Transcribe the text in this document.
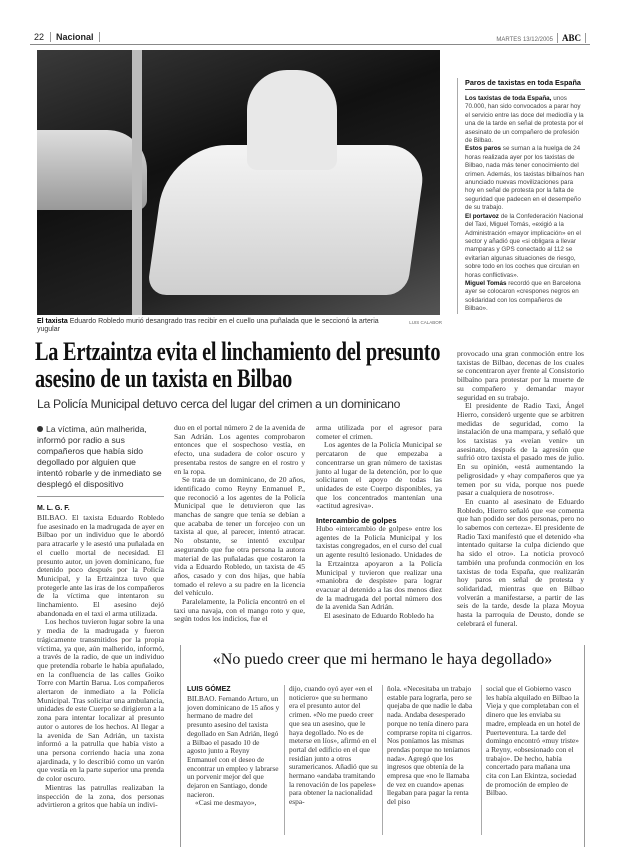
22 Nacional	MARTES 13/12/2005 ABC
El taxista Eduardo Robledo murió desangrado tras recibir en el cuello una puñalada que le seccionó la arteria yugular
LUIS CALABOR
Paros de taxistas en toda España

Los taxistas de toda España, unos 70.000, han sido convocados a parar hoy el servicio entre las doce del mediodía y la una de la tarde en señal de protesta por el asesinato de un compañero de profesión de Bilbao.

Estos paros se suman a la huelga de 24 horas realizada ayer por los taxistas de Bilbao, nada más tener conocimiento del crimen. Además, los taxistas bilbaínos han anunciado nuevas movilizaciones para hoy en señal de protesta por la falta de seguridad que padecen en el desempeño de su trabajo.

El portavoz de la Confederación Nacional del Taxi, Miguel Tomás, «exigió a la Administración «mayor implicación» en el sector y añadió que «si obligara a llevar mamparas y GPS conectado al 112 se evitarían algunas situaciones de riesgo, sobre todo en los coches que circulan en horas conflictivas».

Miguel Tomás recordó que en Barcelona ayer se colocaron «crespones negros en solidaridad con los compañeros de Bilbao».

La Ertzaintza evita el linchamiento del presunto asesino de un taxista en Bilbao
La Policía Municipal detuvo cerca del lugar del crimen a un dominicano
La víctima, aún malherida, informó por radio a sus compañeros que había sido degollado por alguien que intentó robarle y de inmediato se desplegó el dispositivo
M. L. G. F.

BILBAO. El taxista Eduardo Robledo fue asesinado en la madrugada de ayer en Bilbao por un individuo que le abordó para atracarle y le asestó una puñalada en el cuello mortal de necesidad. El presunto autor, un joven dominicano, fue detenido poco después por la Policía Municipal, y la Ertzaintza tuvo que protegerle ante las iras de los compañeros de la víctima que intentaron su linchamiento. El asesino dejó abandonada en el taxi el arma utilizada.

Los hechos tuvieron lugar sobre la una y media de la madrugada y fueron trágicamente transmitidos por la propia víctima, ya que, aún malherido, informó, a través de la radio, de que un individuo que pretendía robarle le había apuñalado, en la confluencia de las calles Goiko Torre con Martín Barua. Los compañeros alertaron de inmediato a la Policía Municipal. Tras solicitar una ambulancia, unidades de este Cuerpo se dirigieron a la zona para intentar localizar al presunto autor o autores de los hechos. Al llegar a la avenida de San Adrián, un taxista informó a la patrulla que había visto a una persona corriendo hacia una zona ajardinada, y lo describió como un varón que vestía en la parte superior una prenda de color oscuro.

Mientras las patrullas realizaban la inspección de la zona, dos personas advirtieron a gritos que había un indivi-

duo en el portal número 2 de la avenida de San Adrián. Los agentes comprobaron entonces que el sospechoso vestía, en efecto, una sudadera de color oscuro y presentaba restos de sangre en el rostro y en la ropa.

Se trata de un dominicano, de 20 años, identificado como Reyny Enmanuel P., que reconoció a los agentes de la Policía Municipal que le detuvieron que las manchas de sangre que tenía se debían a que acababa de tener un forcejeo con un taxista al que, al parecer, intentó atracar. No obstante, se intentó exculpar asegurando que fue otra persona la autora material de las puñaladas que costaron la vida a Eduardo Robledo, un taxista de 45 años, casado y con dos hijas, que había tomado el relevo a su padre en la licencia del vehículo.

Paralelamente, la Policía encontró en el taxi una navaja, con el mango roto y que, según todos los indicios, fue el

arma utilizada por el agresor para cometer el crimen.

Los agentes de la Policía Municipal se percataron de que empezaba a concentrarse un gran número de taxistas junto al lugar de la detención, por lo que solicitaron el apoyo de todas las unidades de este Cuerpo disponibles, ya que los concentrados mantenían una «actitud agresiva».

Intercambio de golpes

Hubo «intercambio de golpes» entre los agentes de la Policía Municipal y los taxistas congregados, en el curso del cual un agente resultó lesionado. Unidades de la Ertzaintza apoyaron a la Policía Municipal y tuvieron que realizar una «maniobra de despiste» para lograr evacuar al detenido a las dos menos diez de la madrugada del portal número dos de la avenida San Adrián.

El asesinato de Eduardo Robledo ha

provocado una gran conmoción entre los taxistas de Bilbao, decenas de los cuales se concentraron ayer frente al Consistorio bilbaíno para protestar por la muerte de su compañero y demandar mayor seguridad en su trabajo.

El presidente de Radio Taxi, Ángel Hierro, consideró urgente que se arbitren medidas de seguridad, como la instalación de una mampara, y señaló que los taxistas ya «veían venir» un asesinato, después de la agresión que sufrió otro taxista el pasado mes de julio. En su opinión, «está aumentando la peligrosidad» y «hay compañeros que ya temen por su vida, porque nos puede pasar a cualquiera de nosotros».

En cuanto al asesinato de Eduardo Robledo, Hierro señaló que «se comenta que han podido ser dos personas, pero no lo sabemos con certeza». El presidente de Radio Taxi manifestó que el detenido «ha intentado quitarse la culpa diciendo que ha sido el otro». La noticia provocó también una profunda conmoción en los taxistas de toda España, que realizarán hoy paros en señal de protesta y solidaridad, mientras que en Bilbao volverán a manifestarse, a partir de las seis de la tarde, desde la plaza Moyua hasta la parroquia de Deusto, donde se celebrará el funeral.

«No puedo creer que mi hermano le haya degollado»
LUIS GÓMEZ

BILBAO. Fernando Arturo, un joven dominicano de 15 años y hermano de madre del presunto asesino del taxista degollado en San Adrián, llegó a Bilbao el pasado 10 de agosto junto a Reyny Enmanuel con el deseo de encontrar un empleo y labrarse un porvenir mejor del que dejaron en Santiago, donde nacieron.

«Casi me desmayo»,

dijo, cuando oyó ayer «en el noticiero» que su hermano era el presunto autor del crimen. «No me puedo creer que sea un asesino, que le haya degollado. No es de meterse en líos», afirmó en el portal del edificio en el que residían junto a otros suramericanos. Añadió que su hermano «andaba tramitando la renovación de los papeles» para obtener la nacionalidad espa-

ñola. «Necesitaba un trabajo estable para lograrla, pero se quejaba de que nadie le daba nada. Andaba desesperado porque no tenía dinero para comprarse ropita ni cigarros. Nos poníamos las mismas prendas porque no teníamos nada». Agregó que los ingresos que obtenía de la empresa que «no le llamaba de vez en cuando» apenas llegaban para pagar la renta del piso

social que el Gobierno vasco les había alquilado en Bilbao la Vieja y que completaban con el dinero que les enviaba su madre, empleada en un hotel de Puerteventura. La tarde del domingo encontró «muy triste» a Reyny, «obsesionado con el trabajo». De hecho, había concertado para mañana una cita con Lan Ekintza, sociedad de promoción de empleo de Bilbao.
